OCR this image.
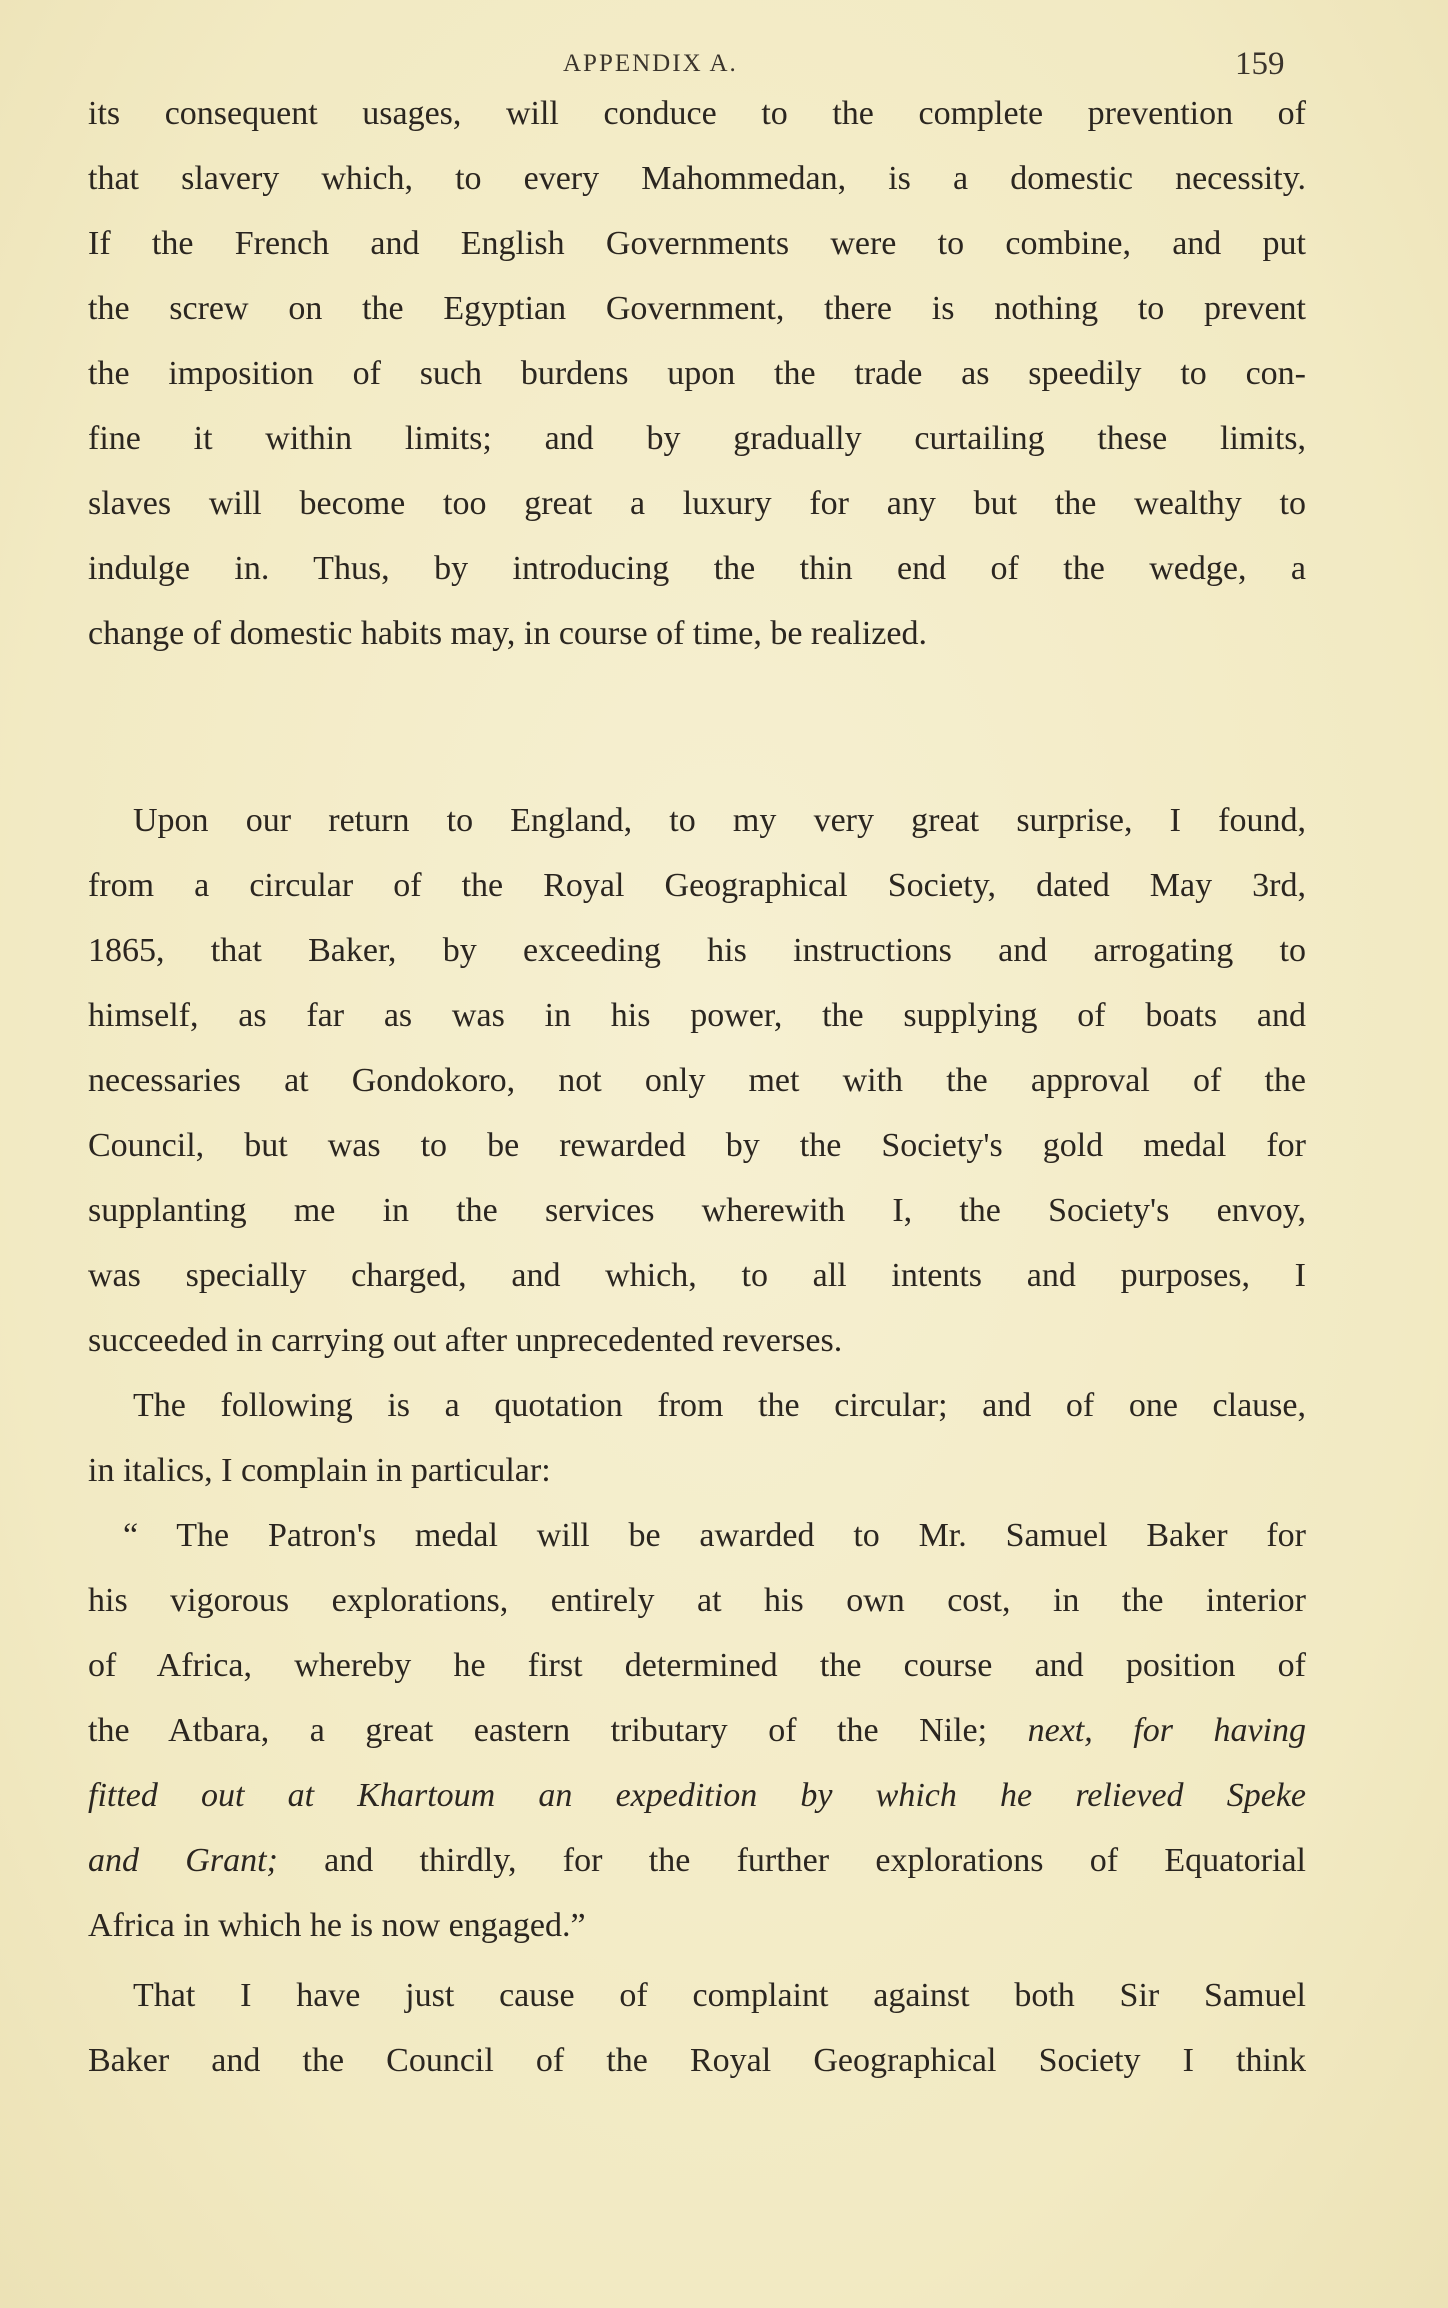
APPENDIX A.	159
its consequent usages, will conduce to the complete prevention of
that slavery which, to every Mahommedan, is a domestic necessity.
If the French and English Governments were to combine, and put
the screw on the Egyptian Government, there is nothing to prevent
the imposition of such burdens upon the trade as speedily to con-
fine it within limits; and by gradually curtailing these limits,
slaves will become too great a luxury for any but the wealthy to
indulge in. Thus, by introducing the thin end of the wedge, a
change of domestic habits may, in course of time, be realized.
Upon our return to England, to my very great surprise, I found,
from a circular of the Royal Geographical Society, dated May 3rd,
1865, that Baker, by exceeding his instructions and arrogating to
himself, as far as was in his power, the supplying of boats and
necessaries at Gondokoro, not only met with the approval of the
Council, but was to be rewarded by the Society's gold medal for
supplanting me in the services wherewith I, the Society's envoy,
was specially charged, and which, to all intents and purposes, I
succeeded in carrying out after unprecedented reverses.
The following is a quotation from the circular; and of one clause,
in italics, I complain in particular:
“ The Patron's medal will be awarded to Mr. Samuel Baker for
his vigorous explorations, entirely at his own cost, in the interior
of Africa, whereby he first determined the course and position of
the Atbara, a great eastern tributary of the Nile; next, for having
fitted out at Khartoum an expedition by which he relieved Speke
and Grant; and thirdly, for the further explorations of Equatorial
Africa in which he is now engaged.”
That I have just cause of complaint against both Sir Samuel
Baker and the Council of the Royal Geographical Society I think
